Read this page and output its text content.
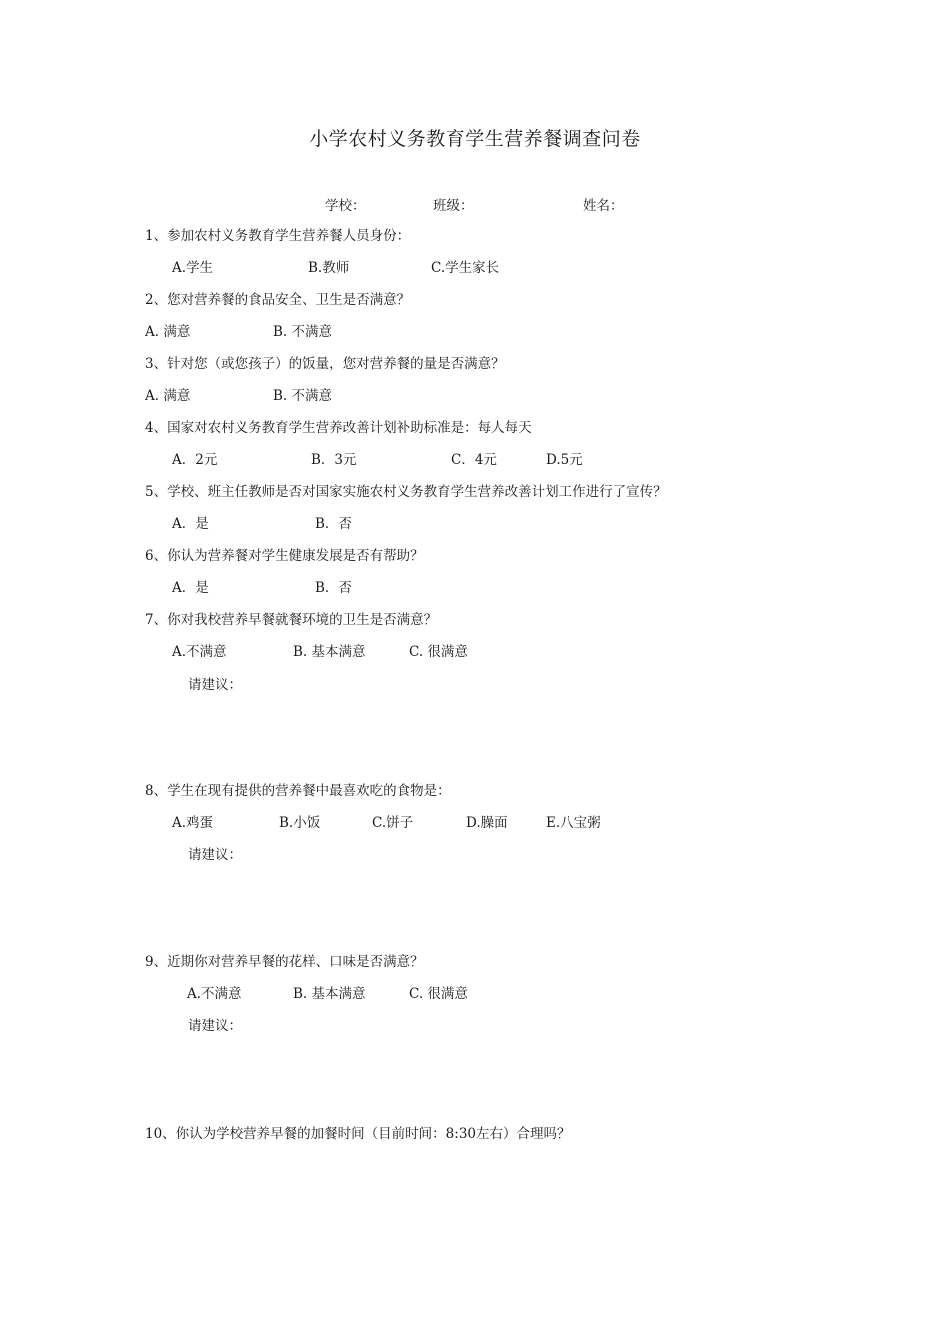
小学农村义务教育学生营养餐调查问卷
学校：	班级：	姓名：
1、参加农村义务教育学生营养餐人员身份：
A.学生	B.教师	C.学生家长
2、您对营养餐的食品安全、卫生是否满意？
A. 满意	B. 不满意
3、针对您（或您孩子）的饭量，您对营养餐的量是否满意？
A. 满意	B. 不满意
4、国家对农村义务教育学生营养改善计划补助标准是：每人每天
A．2元	B．3元	C．4元	D.5元
5、学校、班主任教师是否对国家实施农村义务教育学生营养改善计划工作进行了宣传？
A．是	B．否
6、你认为营养餐对学生健康发展是否有帮助？
A．是	B．否
7、你对我校营养早餐就餐环境的卫生是否满意？
A.不满意	B. 基本满意	C. 很满意
请建议：
8、学生在现有提供的营养餐中最喜欢吃的食物是：
A.鸡蛋	B.小饭	C.饼子	D.臊面	E.八宝粥
请建议：
9、近期你对营养早餐的花样、口味是否满意？
A.不满意	B. 基本满意	C. 很满意
请建议：
10、你认为学校营养早餐的加餐时间（目前时间：8:30左右）合理吗？
